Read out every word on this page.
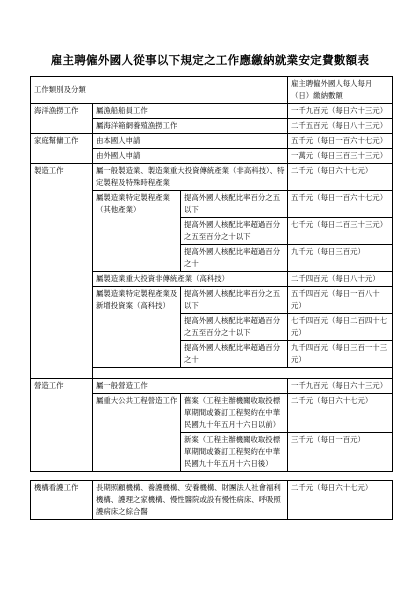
雇主聘僱外國人從事以下規定之工作應繳納就業安定費數額表
工作類別及分類			雇主聘僱外國人每人每月（日）繳納數額
海洋漁撈工作	屬漁船船員工作		一千九百元（每日六十三元）
	屬海洋箱網養殖漁撈工作		二千五百元（每日八十三元）
家庭幫傭工作	由本國人申請		五千元（每日一百六十七元）
	由外國人申請		一萬元（每日三百三十三元）
製造工作	屬一般製造業、製造業重大投資傳統產業（非高科技）、特定製程及特殊時程產業		二千元（每日六十七元）
	屬製造業特定製程產業（其他產業）	提高外國人核配比率百分之五以下	五千元（每日一百六十七元）
		提高外國人核配比率超過百分之五至百分之十以下	七千元（每日二百三十三元）
		提高外國人核配比率超過百分之十	九千元（每日三百元）
	屬製造業重大投資非傳統產業（高科技）		二千四百元（每日八十元）
	屬製造業特定製程產業及新增投資案（高科技）	提高外國人核配比率百分之五以下	五千四百元（每日一百八十元）
		提高外國人核配比率超過百分之五至百分之十以下	七千四百元（每日二百四十七元）
		提高外國人核配比率超過百分之十	九千四百元（每日三百一十三元）

營造工作	屬一般營造工作		一千九百元（每日六十三元）
	屬重大公共工程營造工作	舊案（工程主辦機關收取投標單期間或簽訂工程契約在中華民國九十年五月十六日以前）	二千元（每日六十七元）
		新案（工程主辦機關收取投標單期間或簽訂工程契約在中華民國九十年五月十六日後）	三千元（每日一百元）

機構看護工作	長期照顧機構、養護機構、安養機構、財團法人社會福利機構、護理之家機構、慢性醫院或設有慢性病床、呼吸照護病床之綜合醫		二千元（每日六十七元）
